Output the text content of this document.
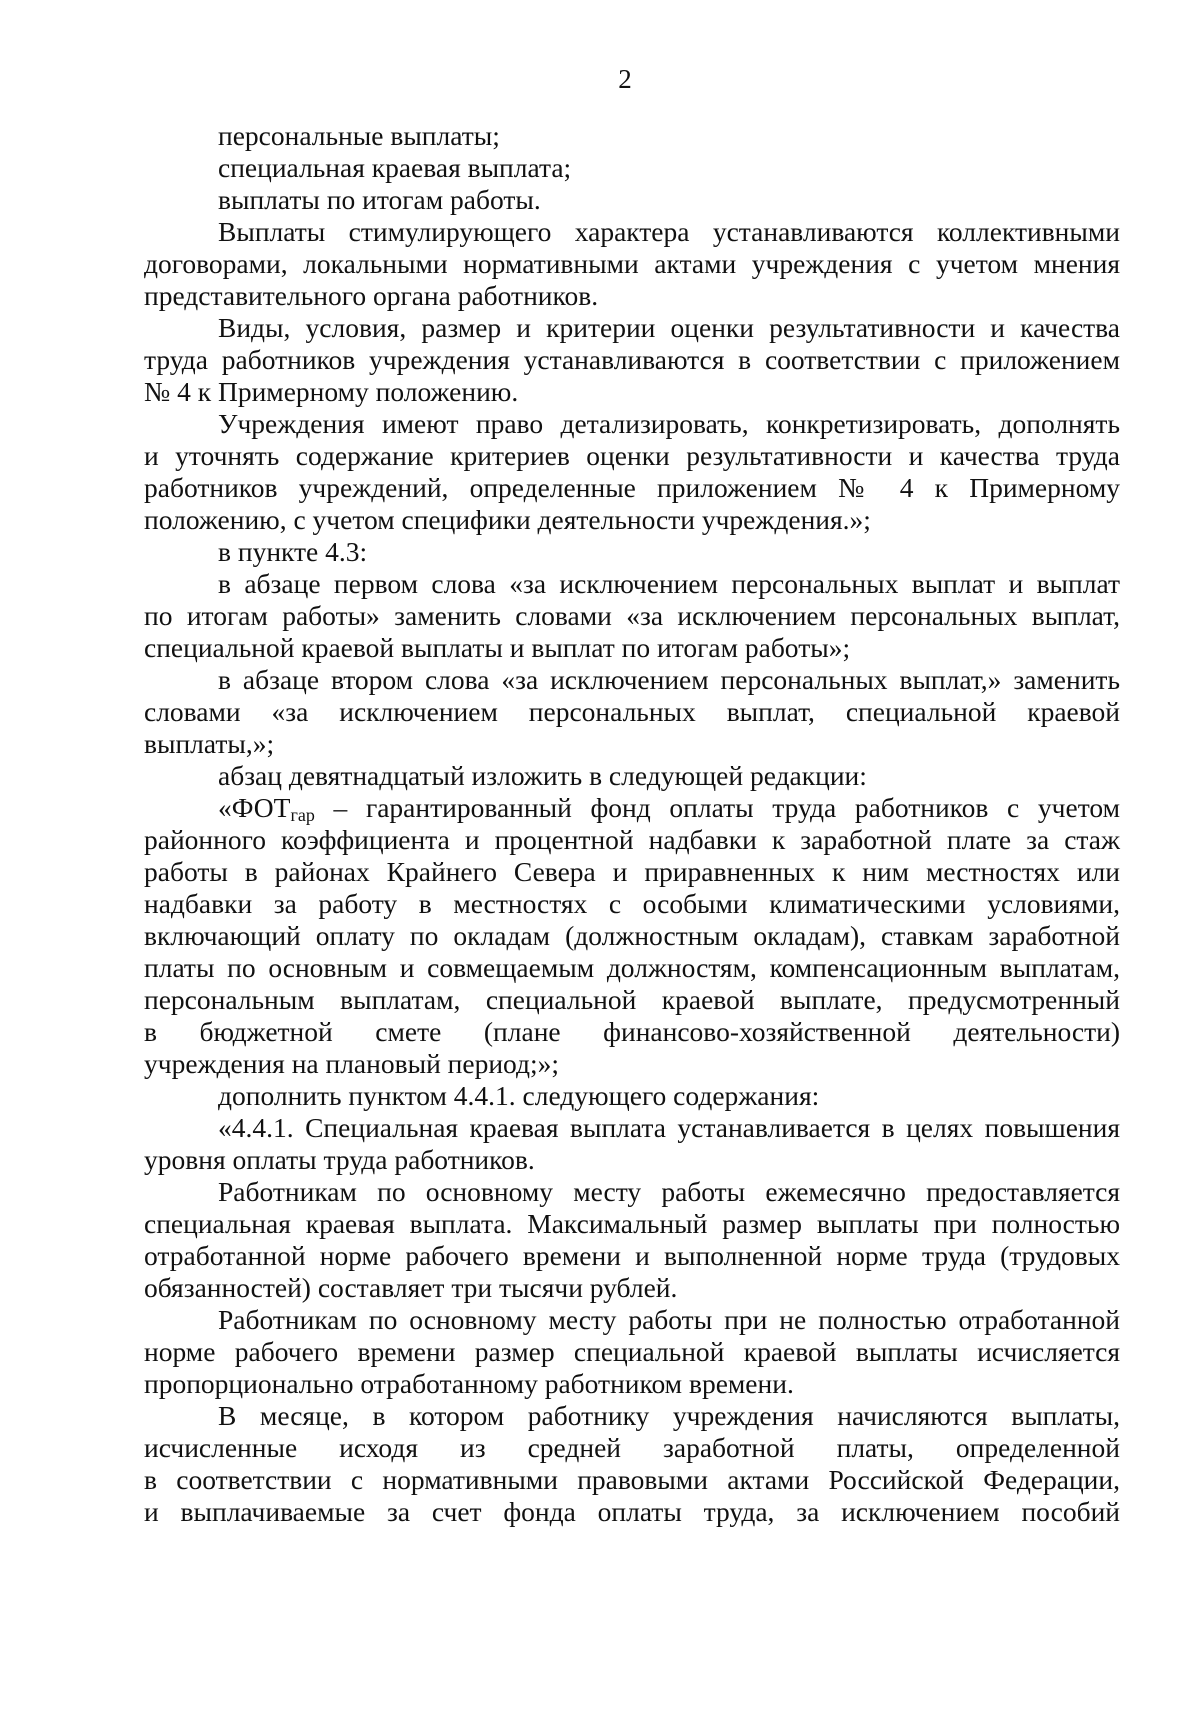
2
персональные выплаты;
специальная краевая выплата;
выплаты по итогам работы.
Выплаты стимулирующего характера устанавливаются коллективными
договорами, локальными нормативными актами учреждения с учетом мнения
представительного органа работников.
Виды, условия, размер и критерии оценки результативности и качества
труда работников учреждения устанавливаются в соответствии с приложением
№ 4 к Примерному положению.
Учреждения имеют право детализировать, конкретизировать, дополнять
и уточнять содержание критериев оценки результативности и качества труда
работников учреждений, определенные приложением № 4 к Примерному
положению, с учетом специфики деятельности учреждения.»;
в пункте 4.3:
в абзаце первом слова «за исключением персональных выплат и выплат
по итогам работы» заменить словами «за исключением персональных выплат,
специальной краевой выплаты и выплат по итогам работы»;
в абзаце втором слова «за исключением персональных выплат,» заменить
словами «за исключением персональных выплат, специальной краевой
выплаты,»;
абзац девятнадцатый изложить в следующей редакции:
«$ФОТ_{гар}$ – гарантированный фонд оплаты труда работников с учетом
районного коэффициента и процентной надбавки к заработной плате за стаж
работы в районах Крайнего Севера и приравненных к ним местностях или
надбавки за работу в местностях с особыми климатическими условиями,
включающий оплату по окладам (должностным окладам), ставкам заработной
платы по основным и совмещаемым должностям, компенсационным выплатам,
персональным выплатам, специальной краевой выплате, предусмотренный
в бюджетной смете (плане финансово-хозяйственной деятельности)
учреждения на плановый период;»;
дополнить пунктом 4.4.1. следующего содержания:
«4.4.1. Специальная краевая выплата устанавливается в целях повышения
уровня оплаты труда работников.
Работникам по основному месту работы ежемесячно предоставляется
специальная краевая выплата. Максимальный размер выплаты при полностью
отработанной норме рабочего времени и выполненной норме труда (трудовых
обязанностей) составляет три тысячи рублей.
Работникам по основному месту работы при не полностью отработанной
норме рабочего времени размер специальной краевой выплаты исчисляется
пропорционально отработанному работником времени.
В месяце, в котором работнику учреждения начисляются выплаты,
исчисленные исходя из средней заработной платы, определенной
в соответствии с нормативными правовыми актами Российской Федерации,
и выплачиваемые за счет фонда оплаты труда, за исключением пособий
